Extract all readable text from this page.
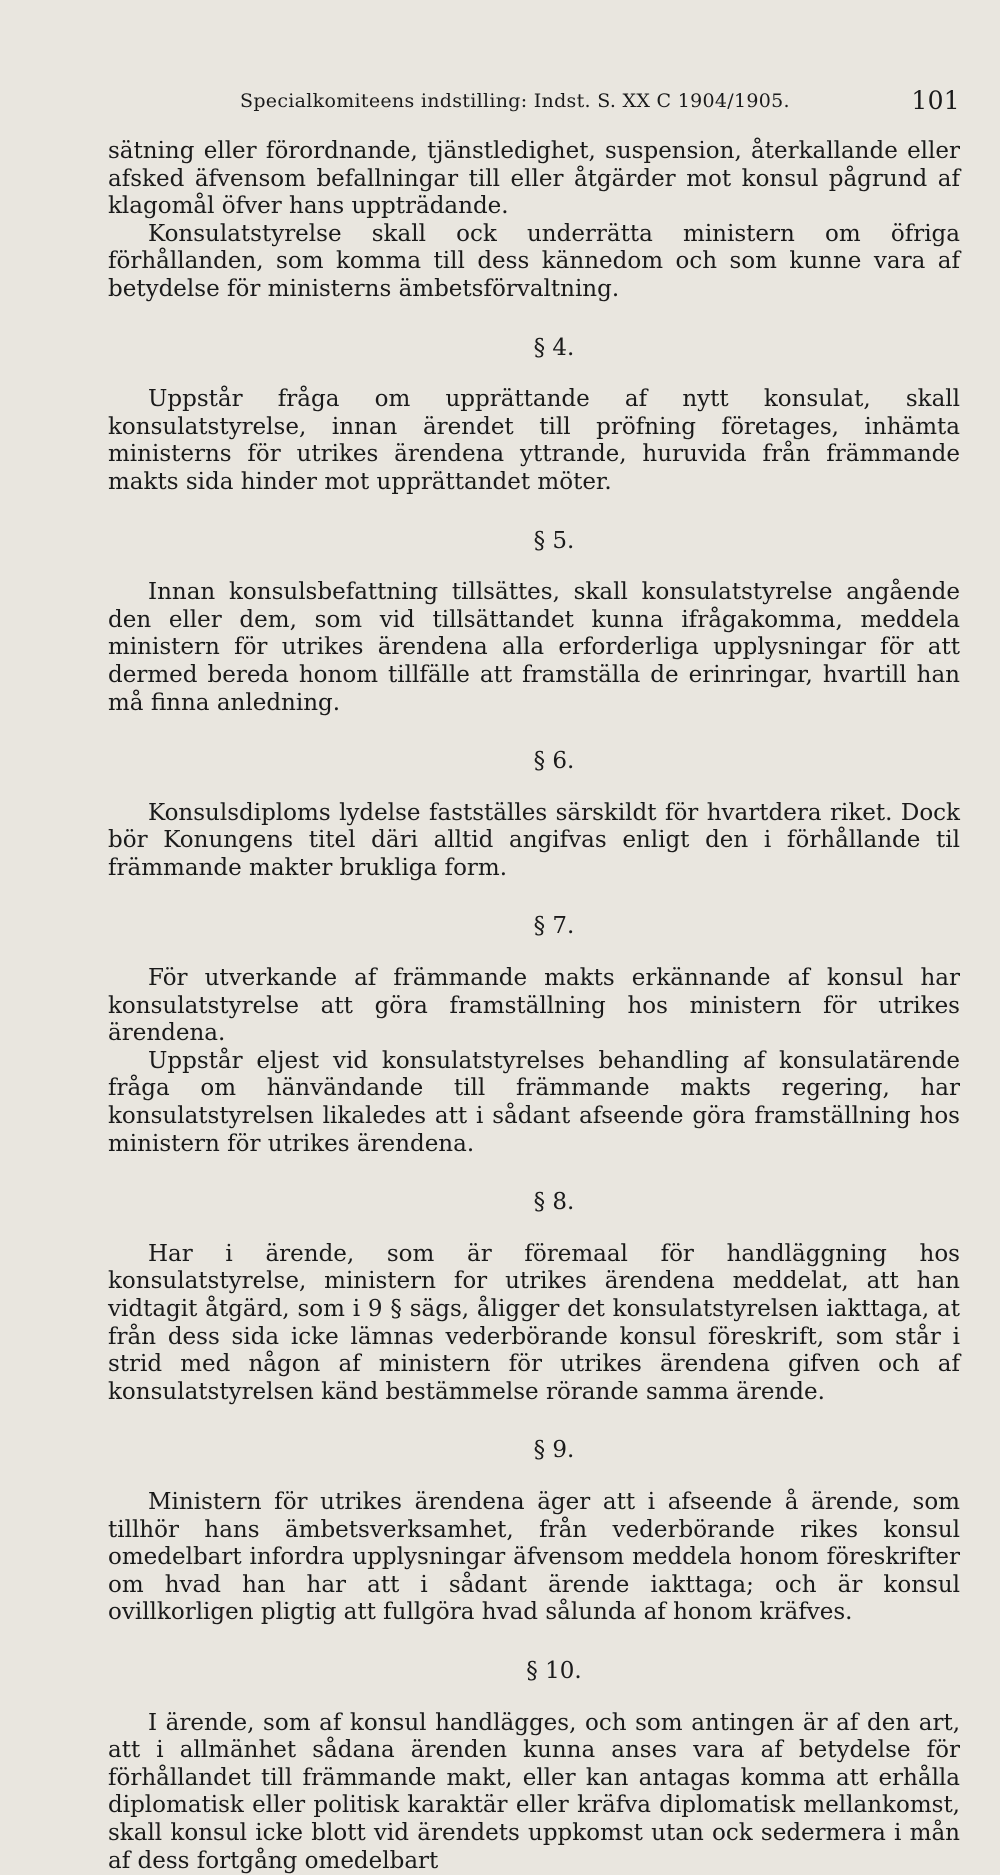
Specialkomiteens indstilling: Indst. S. XX C 1904/1905.	101

sätning eller förordnande, tjänstledighet, suspension, återkallande eller afsked äfvensom befallningar till eller åtgärder mot konsul pågrund af klagomål öfver hans uppträdande.

Konsulatstyrelse skall ock underrätta ministern om öfriga förhållanden, som komma till dess kännedom och som kunne vara af betydelse för ministerns ämbetsförvaltning.

§ 4.

Uppstår fråga om upprättande af nytt konsulat, skall konsulatstyrelse, innan ärendet till pröfning företages, inhämta ministerns för utrikes ärendena yttrande, huruvida från främmande makts sida hinder mot upprättandet möter.

§ 5.

Innan konsulsbefattning tillsättes, skall konsulatstyrelse angående den eller dem, som vid tillsättandet kunna ifrågakomma, meddela ministern för utrikes ärendena alla erforderliga upplysningar för att dermed bereda honom tillfälle att framställa de erinringar, hvartill han må finna anledning.

§ 6.

Konsulsdiploms lydelse fastställes särskildt för hvartdera riket. Dock bör Konungens titel däri alltid angifvas enligt den i förhållande til främmande makter brukliga form.

§ 7.

För utverkande af främmande makts erkännande af konsul har konsulatstyrelse att göra framställning hos ministern för utrikes ärendena.

Uppstår eljest vid konsulatstyrelses behandling af konsulatärende fråga om hänvändande till främmande makts regering, har konsulatstyrelsen likaledes att i sådant afseende göra framställning hos ministern för utrikes ärendena.

§ 8.

Har i ärende, som är föremaal för handläggning hos konsulatstyrelse, ministern for utrikes ärendena meddelat, att han vidtagit åtgärd, som i 9 § sägs, åligger det konsulatstyrelsen iakttaga, at från dess sida icke lämnas vederbörande konsul föreskrift, som står i strid med någon af ministern för utrikes ärendena gifven och af konsulatstyrelsen känd bestämmelse rörande samma ärende.

§ 9.

Ministern för utrikes ärendena äger att i afseende å ärende, som tillhör hans ämbetsverksamhet, från vederbörande rikes konsul omedelbart infordra upplysningar äfvensom meddela honom föreskrifter om hvad han har att i sådant ärende iakttaga; och är konsul ovillkorligen pligtig att fullgöra hvad sålunda af honom kräfves.

§ 10.

I ärende, som af konsul handlägges, och som antingen är af den art, att i allmänhet sådana ärenden kunna anses vara af betydelse för förhållandet till främmande makt, eller kan antagas komma att erhålla diplomatisk eller politisk karaktär eller kräfva diplomatisk mellankomst, skall konsul icke blott vid ärendets uppkomst utan ock sedermera i mån af dess fortgång omedelbart
